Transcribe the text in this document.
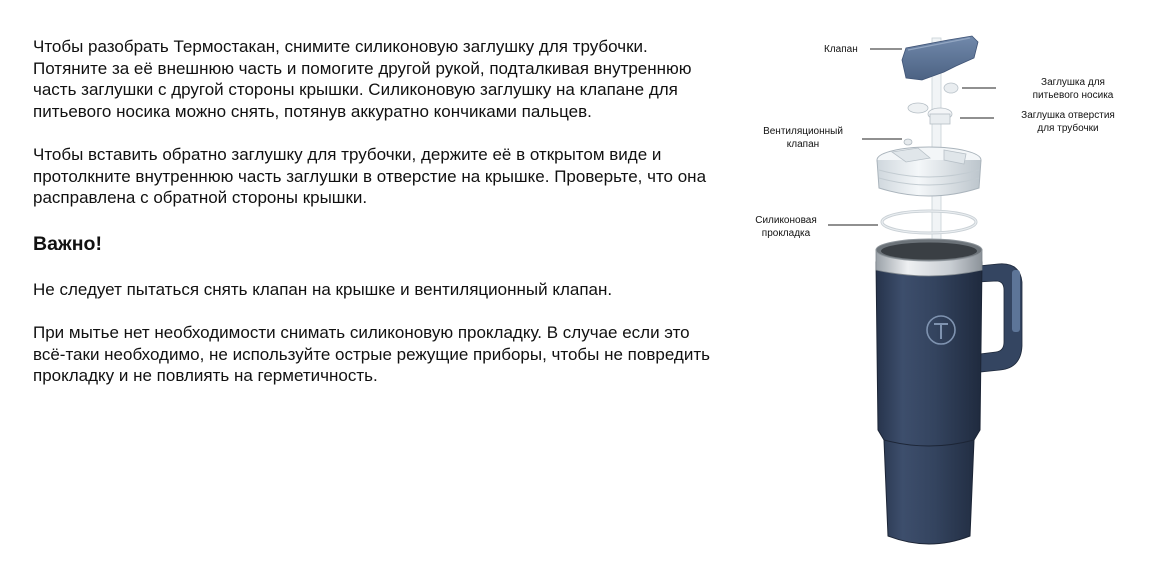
Чтобы разобрать Термостакан, снимите силиконовую заглушку для трубочки. Потяните за её внешнюю часть и помогите другой рукой, подталкивая внутреннюю часть заглушки с другой стороны крышки. Силиконовую заглушку на клапане для питьевого носика можно снять, потянув аккуратно кончиками пальцев.

Чтобы вставить обратно заглушку для трубочки, держите её в открытом виде и протолкните внутреннюю часть заглушки в отверстие на крышке. Проверьте, что она расправлена с обратной стороны крышки.

Важно!

Не следует пытаться снять клапан на крышке и вентиляционный клапан.

При мытье нет необходимости снимать силиконовую прокладку. В случае если это всё-таки необходимо, не используйте острые режущие приборы, чтобы не повредить прокладку и не повлиять на герметичность.

Клапан
Заглушка для
питьевого носика
Заглушка отверстия
для трубочки
Вентиляционный
клапан
Силиконовая
прокладка
